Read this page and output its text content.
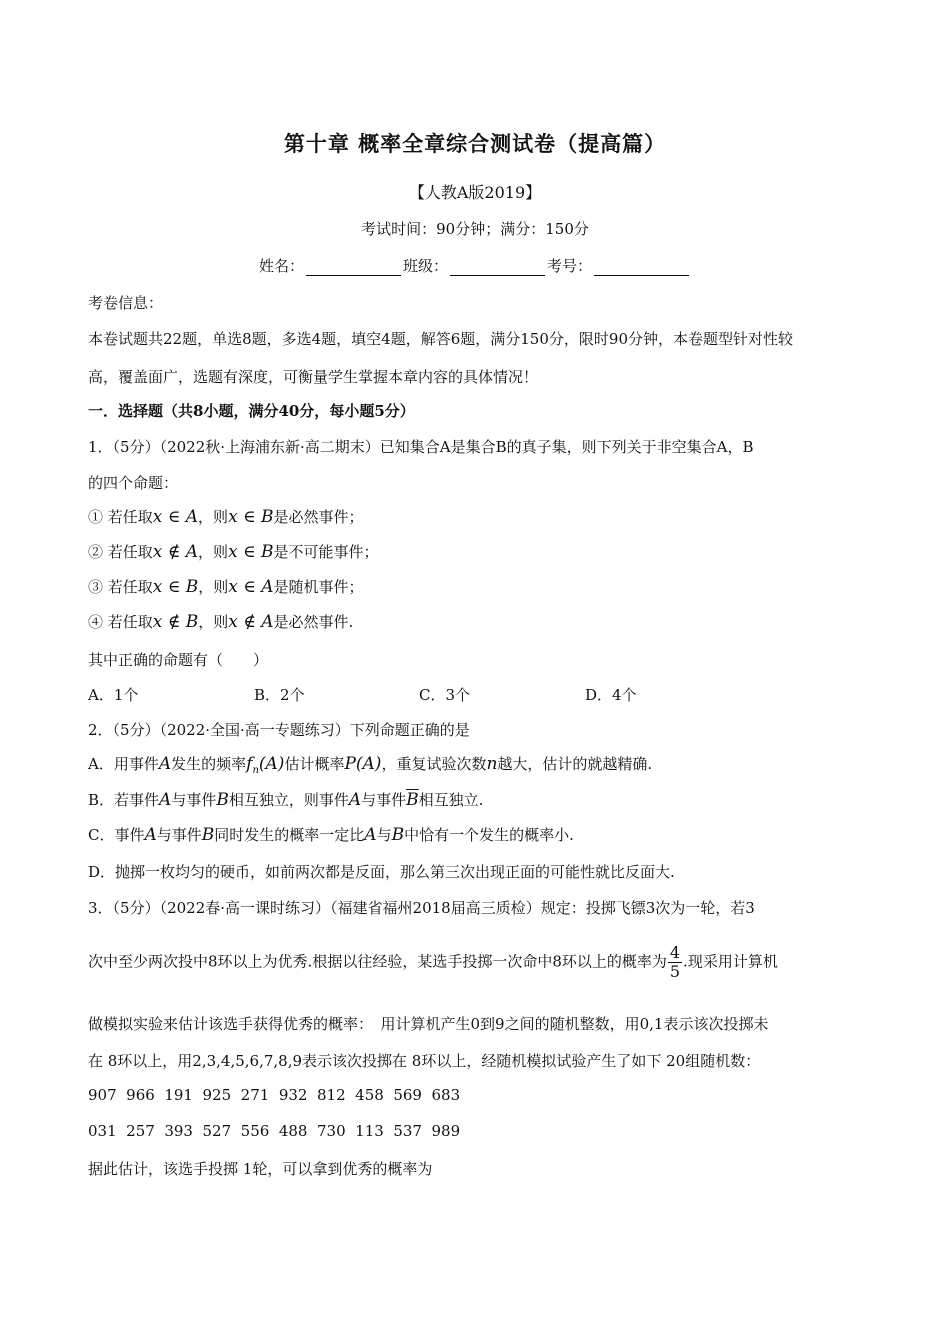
第十章 概率全章综合测试卷（提高篇）
【人教A版2019】
考试时间：90分钟；满分：150分
姓名：	班级：	考号：
考卷信息：
本卷试题共22题，单选8题，多选4题，填空4题，解答6题，满分150分，限时90分钟，本卷题型针对性较
高，覆盖面广，选题有深度，可衡量学生掌握本章内容的具体情况！
一．选择题（共8小题，满分40分，每小题5分）
1．（5分）（2022秋·上海浦东新·高二期末）已知集合A是集合B的真子集，则下列关于非空集合A，B
的四个命题：
① 若任取x ∈ A，则x ∈ B是必然事件；
② 若任取x ∉ A，则x ∈ B是不可能事件；
③ 若任取x ∈ B，则x ∈ A是随机事件；
④ 若任取x ∉ B，则x ∉ A是必然事件.
其中正确的命题有（　　）
A．1个	B．2个	C．3个	D．4个
2．（5分）（2022·全国·高一专题练习）下列命题正确的是
A．用事件A发生的频率$f_n(A)$估计概率P(A)，重复试验次数n越大，估计的就越精确.
B．若事件A与事件B相互独立，则事件A与事件$\overline{B}$相互独立.
C．事件A与事件B同时发生的概率一定比A与B中恰有一个发生的概率小.
D．抛掷一枚均匀的硬币，如前两次都是反面，那么第三次出现正面的可能性就比反面大.
3．（5分）（2022春·高一课时练习）（福建省福州2018届高三质检）规定：投掷飞镖3次为一轮，若3
次中至少两次投中8环以上为优秀.根据以往经验，某选手投掷一次命中8环以上的概率为 $\frac{4}{5}$ .现采用计算机
做模拟实验来估计该选手获得优秀的概率：　用计算机产生0到9之间的随机整数，用0,1表示该次投掷未
在 8环以上，用2,3,4,5,6,7,8,9表示该次投掷在 8环以上，经随机模拟试验产生了如下 20组随机数：
907  966  191  925  271  932  812  458  569  683
031  257  393  527  556  488  730  113  537  989
据此估计，该选手投掷 1轮，可以拿到优秀的概率为
